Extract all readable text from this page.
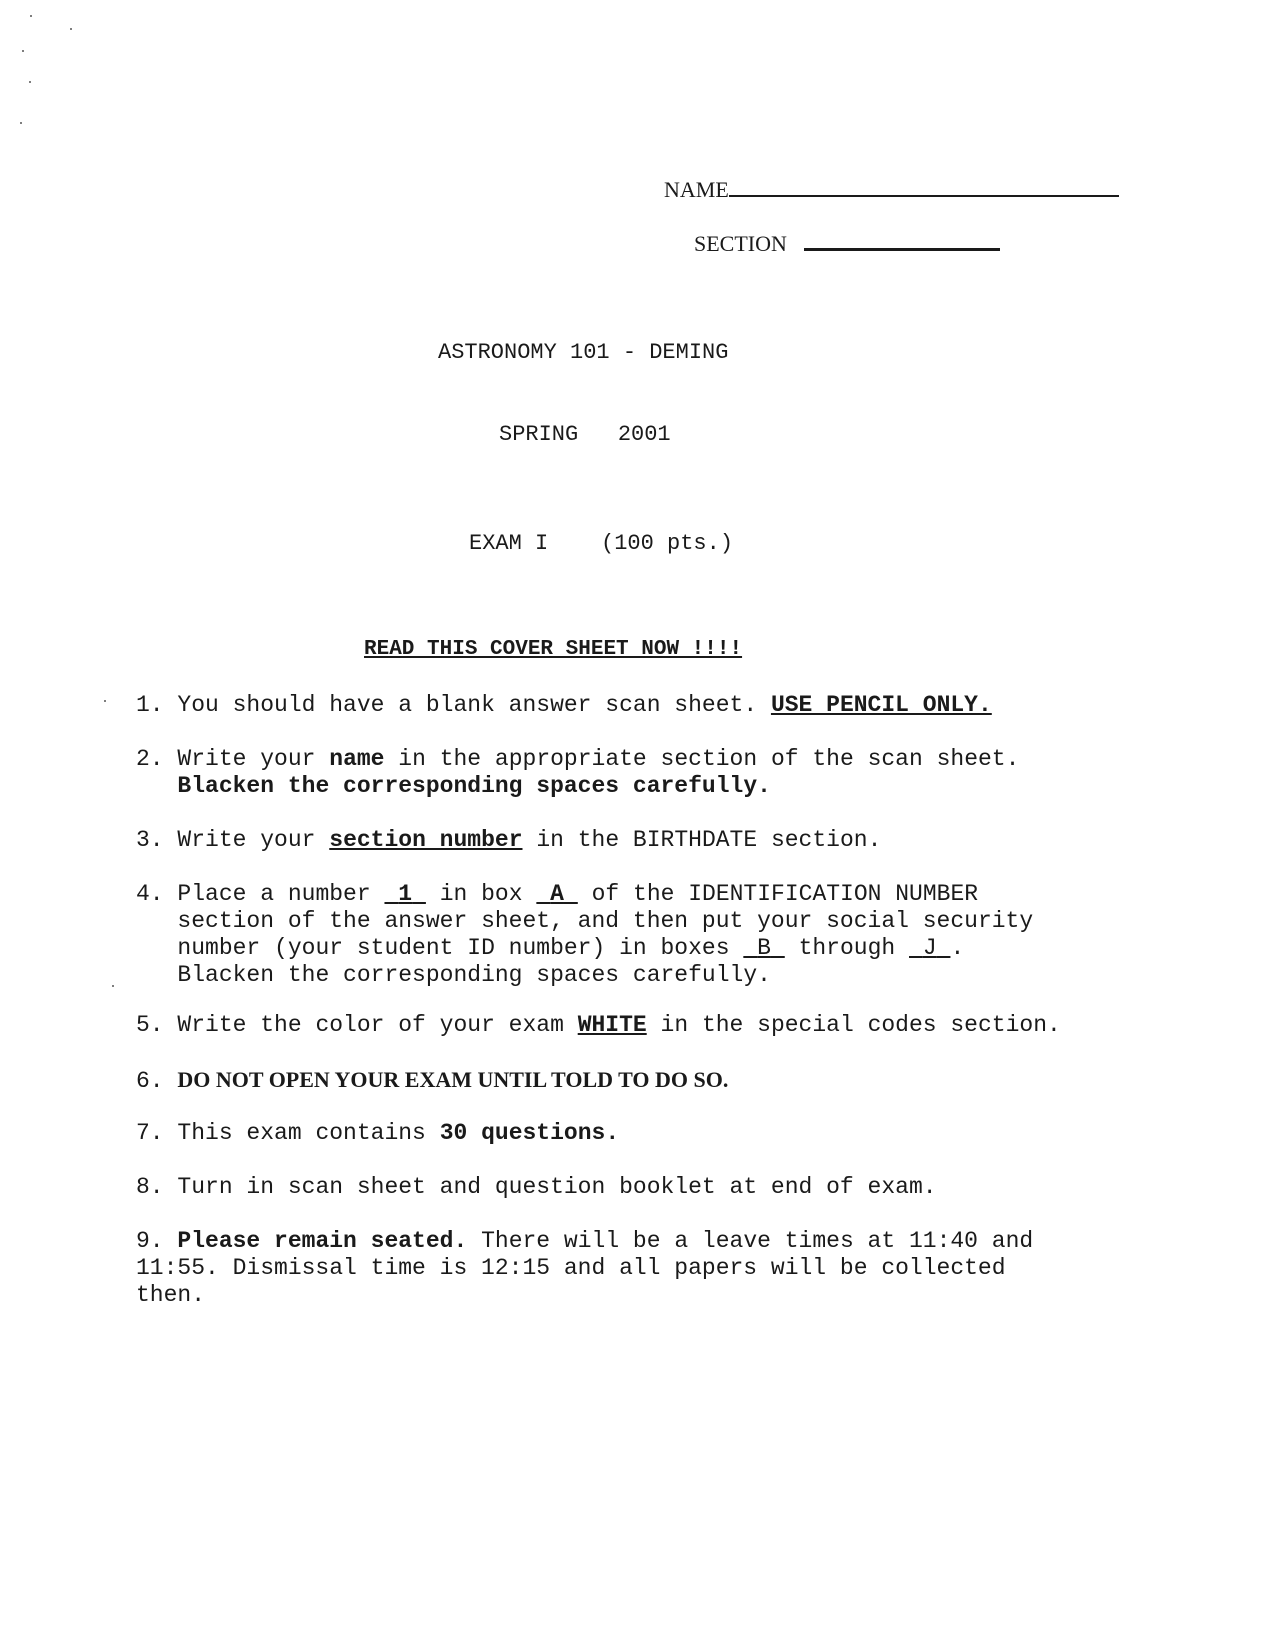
NAME
SECTION
ASTRONOMY 101 - DEMING
SPRING   2001
EXAM I    (100 pts.)
READ THIS COVER SHEET NOW !!!!
1. You should have a blank answer scan sheet. USE PENCIL ONLY.
2. Write your name in the appropriate section of the scan sheet.
Blacken the corresponding spaces carefully.
3. Write your section number in the BIRTHDATE section.
4. Place a number 1 in box A of the IDENTIFICATION NUMBER
section of the answer sheet, and then put your social security
number (your student ID number) in boxes B through J .
Blacken the corresponding spaces carefully.
5. Write the color of your exam WHITE in the special codes section.
6. DO NOT OPEN YOUR EXAM UNTIL TOLD TO DO SO.
7. This exam contains 30 questions.
8. Turn in scan sheet and question booklet at end of exam.
9. Please remain seated. There will be a leave times at 11:40 and
11:55. Dismissal time is 12:15 and all papers will be collected
then.
